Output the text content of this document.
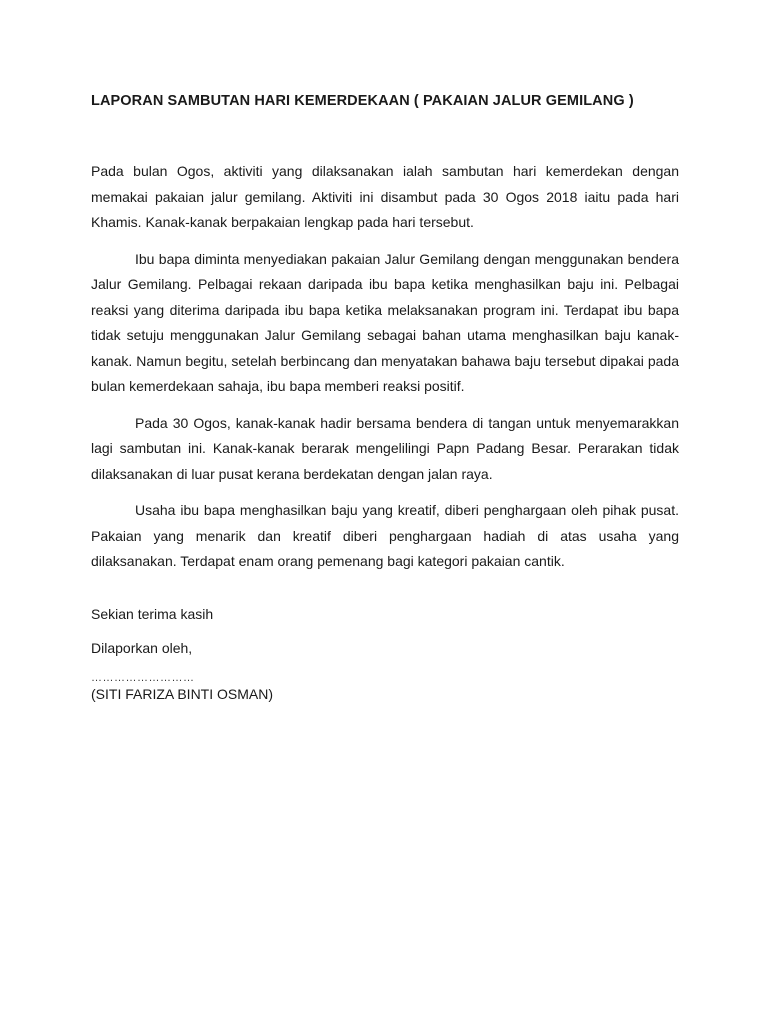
LAPORAN SAMBUTAN HARI KEMERDEKAAN ( PAKAIAN JALUR GEMILANG )

Pada bulan Ogos, aktiviti yang dilaksanakan ialah sambutan hari kemerdekan dengan memakai pakaian jalur gemilang. Aktiviti ini disambut pada 30 Ogos 2018 iaitu pada hari Khamis. Kanak-kanak berpakaian lengkap pada hari tersebut.

Ibu bapa diminta menyediakan pakaian Jalur Gemilang dengan menggunakan bendera Jalur Gemilang. Pelbagai rekaan daripada ibu bapa ketika menghasilkan baju ini. Pelbagai reaksi yang diterima daripada ibu bapa ketika melaksanakan program ini. Terdapat ibu bapa tidak setuju menggunakan Jalur Gemilang sebagai bahan utama menghasilkan baju kanak-kanak. Namun begitu, setelah berbincang dan menyatakan bahawa baju tersebut dipakai pada bulan kemerdekaan sahaja, ibu bapa memberi reaksi positif.

Pada 30 Ogos, kanak-kanak hadir bersama bendera di tangan untuk menyemarakkan lagi sambutan ini. Kanak-kanak berarak mengelilingi Papn Padang Besar. Perarakan tidak dilaksanakan di luar pusat kerana berdekatan dengan jalan raya.

Usaha ibu bapa menghasilkan baju yang kreatif, diberi penghargaan oleh pihak pusat. Pakaian yang menarik dan kreatif diberi penghargaan hadiah di atas usaha yang dilaksanakan. Terdapat enam orang pemenang bagi kategori pakaian cantik.

Sekian terima kasih
Dilaporkan oleh,
………………………
(SITI FARIZA BINTI OSMAN)
